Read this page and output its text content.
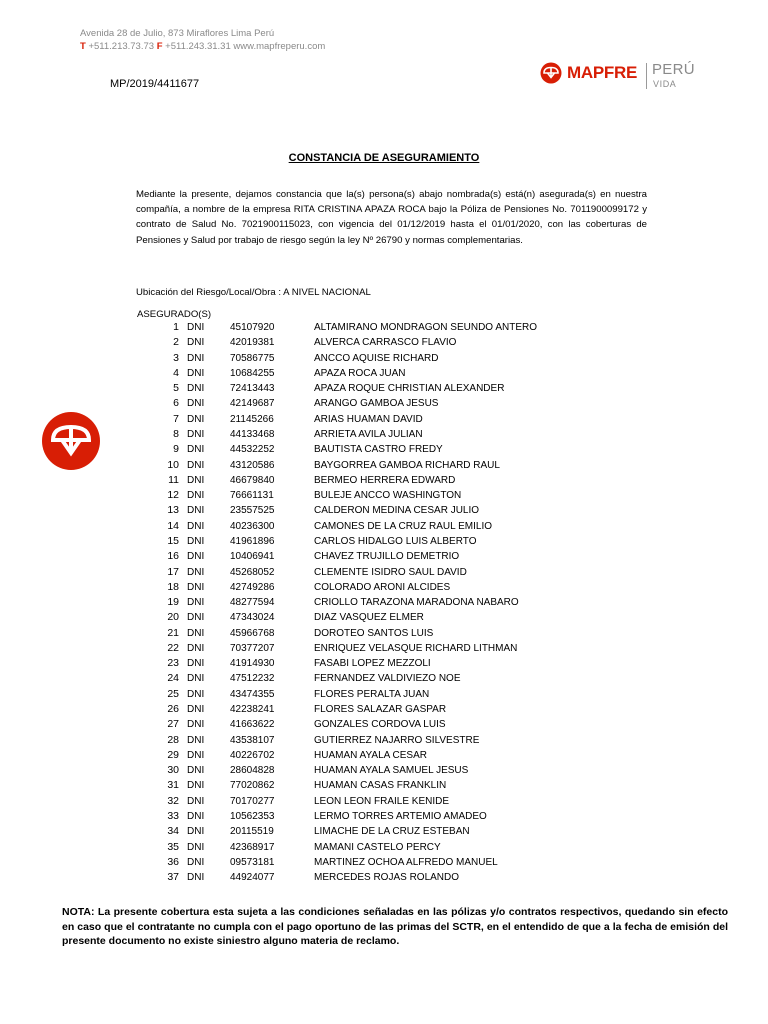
Avenida 28 de Julio, 873 Miraflores Lima Perú
T +511.213.73.73 F +511.243.31.31 www.mapfreperu.com
MP/2019/4411677
MAPFRE PERÚ
VIDA
CONSTANCIA DE ASEGURAMIENTO
Mediante la presente, dejamos constancia que la(s) persona(s) abajo nombrada(s) está(n) asegurada(s) en nuestra compañía, a nombre de la empresa RITA CRISTINA APAZA ROCA bajo la Póliza de Pensiones No. 7011900099172 y contrato de Salud No. 7021900115023, con vigencia del 01/12/2019 hasta el 01/01/2020, con las coberturas de Pensiones y Salud por trabajo de riesgo según la ley Nº 26790 y normas complementarias.
Ubicación del Riesgo/Local/Obra : A NIVEL NACIONAL
ASEGURADO(S)
1 DNI	45107920	ALTAMIRANO MONDRAGON SEUNDO ANTERO
2 DNI	42019381	ALVERCA CARRASCO FLAVIO
3 DNI	70586775	ANCCO AQUISE RICHARD
4 DNI	10684255	APAZA ROCA JUAN
5 DNI	72413443	APAZA ROQUE CHRISTIAN ALEXANDER
6 DNI	42149687	ARANGO GAMBOA JESUS
7 DNI	21145266	ARIAS HUAMAN DAVID
8 DNI	44133468	ARRIETA AVILA JULIAN
9 DNI	44532252	BAUTISTA CASTRO FREDY
10 DNI	43120586	BAYGORREA GAMBOA RICHARD RAUL
11 DNI	46679840	BERMEO HERRERA EDWARD
12 DNI	76661131	BULEJE ANCCO WASHINGTON
13 DNI	23557525	CALDERON MEDINA CESAR JULIO
14 DNI	40236300	CAMONES DE LA CRUZ RAUL EMILIO
15 DNI	41961896	CARLOS HIDALGO LUIS ALBERTO
16 DNI	10406941	CHAVEZ TRUJILLO DEMETRIO
17 DNI	45268052	CLEMENTE ISIDRO SAUL DAVID
18 DNI	42749286	COLORADO ARONI ALCIDES
19 DNI	48277594	CRIOLLO TARAZONA MARADONA NABARO
20 DNI	47343024	DIAZ VASQUEZ ELMER
21 DNI	45966768	DOROTEO SANTOS LUIS
22 DNI	70377207	ENRIQUEZ VELASQUE RICHARD LITHMAN
23 DNI	41914930	FASABI LOPEZ MEZZOLI
24 DNI	47512232	FERNANDEZ VALDIVIEZO NOE
25 DNI	43474355	FLORES PERALTA JUAN
26 DNI	42238241	FLORES SALAZAR GASPAR
27 DNI	41663622	GONZALES CORDOVA LUIS
28 DNI	43538107	GUTIERREZ NAJARRO SILVESTRE
29 DNI	40226702	HUAMAN AYALA CESAR
30 DNI	28604828	HUAMAN AYALA SAMUEL JESUS
31 DNI	77020862	HUAMAN CASAS FRANKLIN
32 DNI	70170277	LEON LEON FRAILE KENIDE
33 DNI	10562353	LERMO TORRES ARTEMIO AMADEO
34 DNI	20115519	LIMACHE DE LA CRUZ ESTEBAN
35 DNI	42368917	MAMANI CASTELO PERCY
36 DNI	09573181	MARTINEZ OCHOA ALFREDO MANUEL
37 DNI	44924077	MERCEDES ROJAS ROLANDO
NOTA: La presente cobertura esta sujeta a las condiciones señaladas en las pólizas y/o contratos respectivos, quedando sin efecto en caso que el contratante no cumpla con el pago oportuno de las primas del SCTR, en el entendido de que a la fecha de emisión del presente documento no existe siniestro alguno materia de reclamo.
